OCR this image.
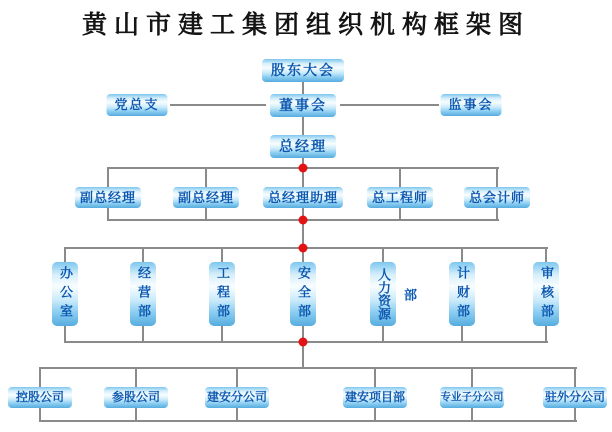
黄山市建工集团组织机构框架图
股东大会
党总支	董事会	监事会
总经理
副总经理	副总经理	总经理助理	总工程师	总会计师
办公室	经营部	工程部	安全部	人力资源部	计财部	审核部
控股公司	参股公司	建安分公司	建安项目部	专业子分公司	驻外分公司
